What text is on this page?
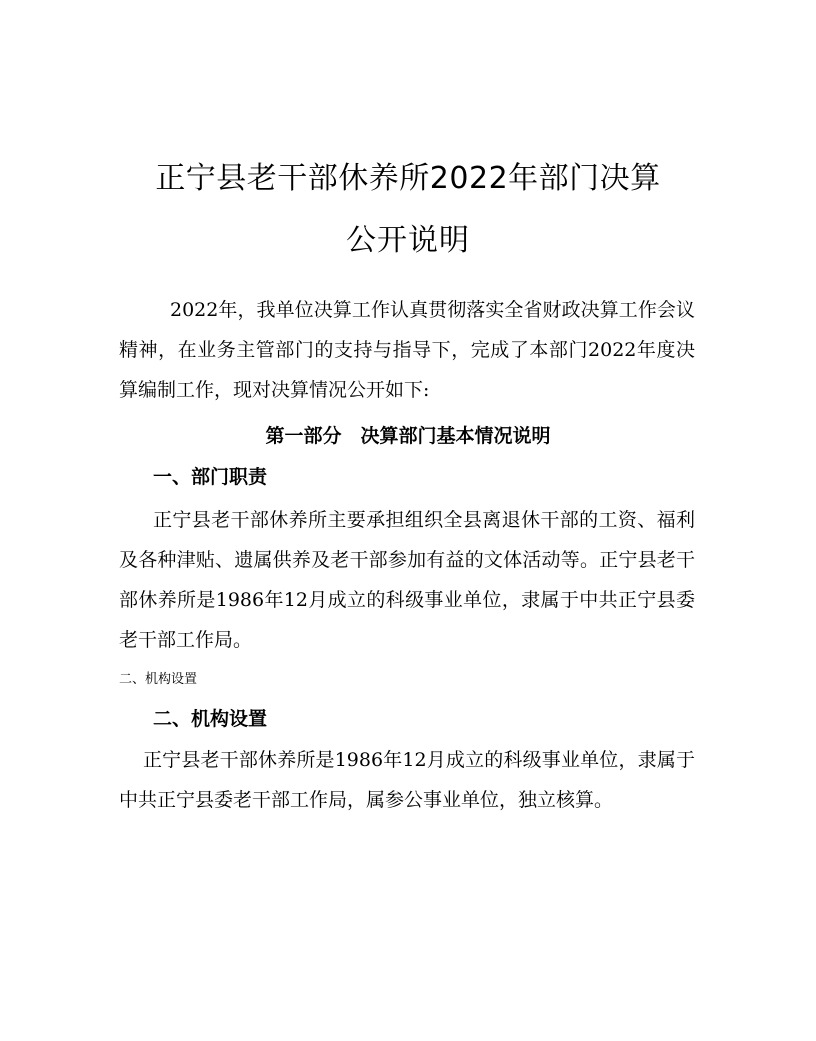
正宁县老干部休养所2022年部门决算
公开说明
2022年，我单位决算工作认真贯彻落实全省财政决算工作会议精神，在业务主管部门的支持与指导下，完成了本部门2022年度决算编制工作，现对决算情况公开如下:
第一部分　决算部门基本情况说明
一、部门职责
正宁县老干部休养所主要承担组织全县离退休干部的工资、福利及各种津贴、遗属供养及老干部参加有益的文体活动等。正宁县老干部休养所是1986年12月成立的科级事业单位，隶属于中共正宁县委老干部工作局。
二、机构设置
二、机构设置
正宁县老干部休养所是1986年12月成立的科级事业单位，隶属于中共正宁县委老干部工作局，属参公事业单位，独立核算。
